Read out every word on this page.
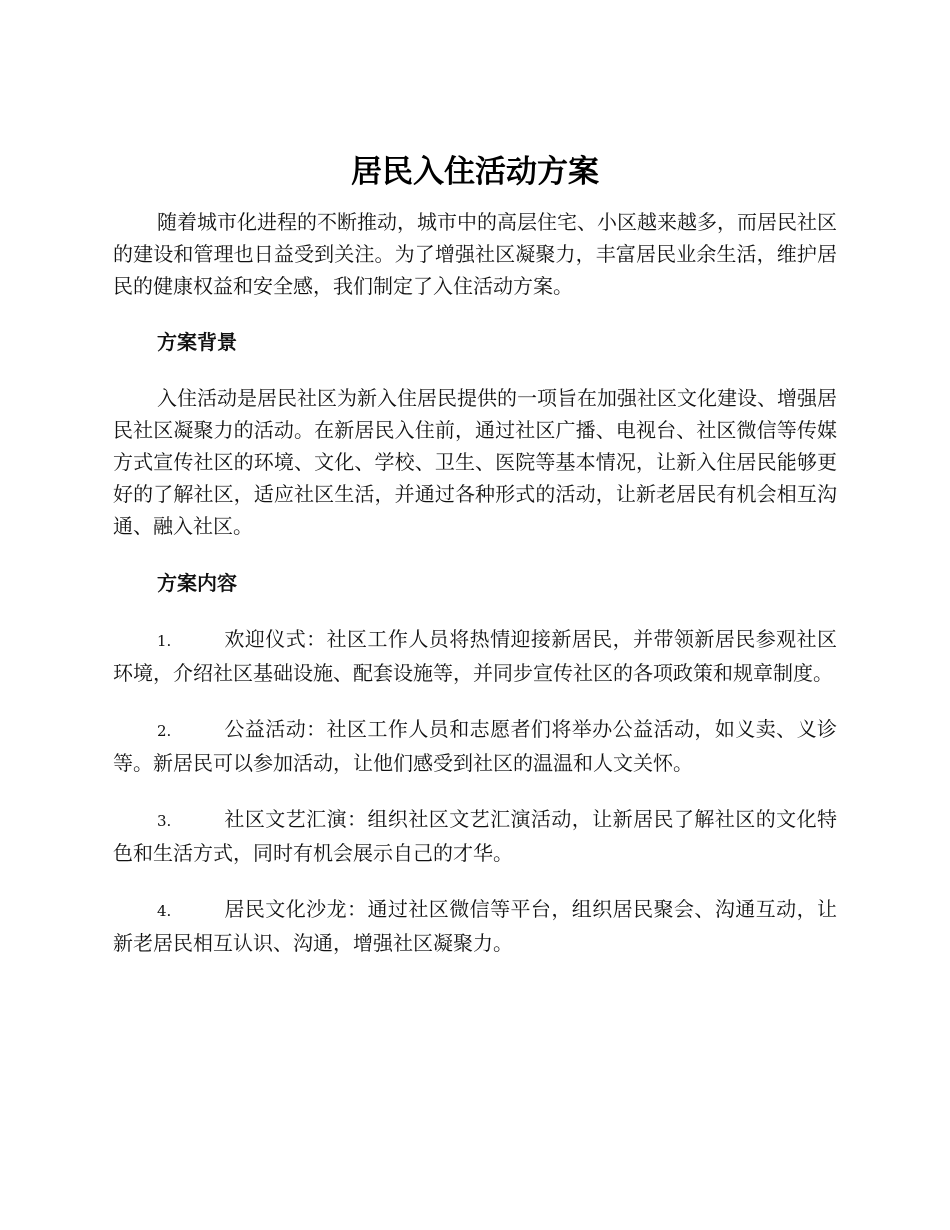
居民入住活动方案

随着城市化进程的不断推动，城市中的高层住宅、小区越来越多，而居民社区的建设和管理也日益受到关注。为了增强社区凝聚力，丰富居民业余生活，维护居民的健康权益和安全感，我们制定了入住活动方案。

方案背景

入住活动是居民社区为新入住居民提供的一项旨在加强社区文化建设、增强居民社区凝聚力的活动。在新居民入住前，通过社区广播、电视台、社区微信等传媒方式宣传社区的环境、文化、学校、卫生、医院等基本情况，让新入住居民能够更好的了解社区，适应社区生活，并通过各种形式的活动，让新老居民有机会相互沟通、融入社区。

方案内容

1.	欢迎仪式：社区工作人员将热情迎接新居民，并带领新居民参观社区环境，介绍社区基础设施、配套设施等，并同步宣传社区的各项政策和规章制度。

2.	公益活动：社区工作人员和志愿者们将举办公益活动，如义卖、义诊等。新居民可以参加活动，让他们感受到社区的温温和人文关怀。

3.	社区文艺汇演：组织社区文艺汇演活动，让新居民了解社区的文化特色和生活方式，同时有机会展示自己的才华。

4.	居民文化沙龙：通过社区微信等平台，组织居民聚会、沟通互动，让新老居民相互认识、沟通，增强社区凝聚力。
